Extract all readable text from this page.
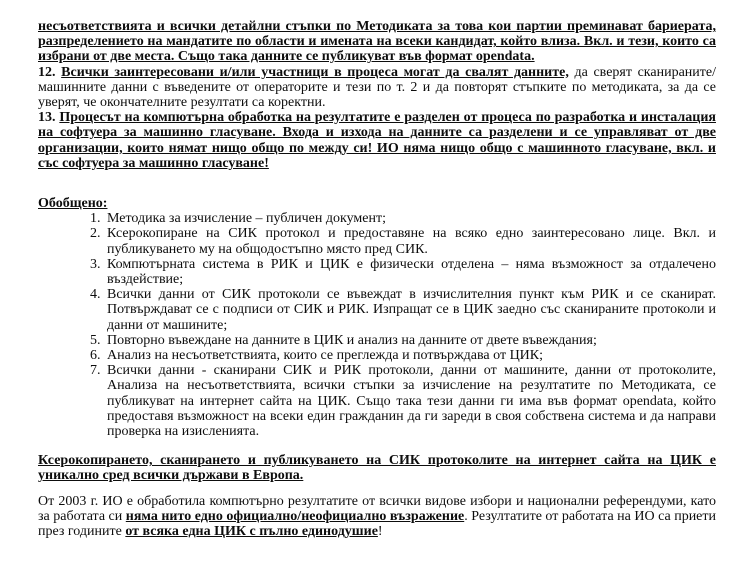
несъответствията и всички детайлни стъпки по Методиката за това кои партии преминават бариерата, разпределението на мандатите по области и имената на всеки кандидат, който влиза. Вкл. и тези, които са избрани от две места. Също така данните се публикуват във формат opendata.

12. Всички заинтересовани и/или участници в процеса могат да свалят данните, да сверят сканираните/машинните данни с въведените от операторите и тези по т. 2 и да повторят стъпките по методиката, за да се уверят, че окончателните резултати са коректни.

13. Процесът на компютърна обработка на резултатите е разделен от процеса по разработка и инсталация на софтуера за машинно гласуване. Входа и изхода на данните са разделени и се управляват от две организации, които нямат нищо общо по между си! ИО няма нищо общо с машинното гласуване, вкл. и със софтуера за машинно гласуване!

Обобщено:

1. Методика за изчисление – публичен документ;
2. Ксерокопиране на СИК протокол и предоставяне на всяко едно заинтересовано лице. Вкл. и публикуването му на общодостъпно място пред СИК.
3. Компютърната система в РИК и ЦИК е физически отделена – няма възможност за отдалечено въздействие;
4. Всички данни от СИК протоколи се въвеждат в изчислителния пункт към РИК и се сканират. Потвърждават се с подписи от СИК и РИК. Изпращат се в ЦИК заедно със сканираните протоколи и данни от машините;
5. Повторно въвеждане на данните в ЦИК и анализ на данните от двете въвеждания;
6. Анализ на несъответствията, които се преглежда и потвърждава от ЦИК;
7. Всички данни - сканирани СИК и РИК протоколи, данни от машините, данни от протоколите, Анализа на несъответствията, всички стъпки за изчисление на резултатите по Методиката, се публикуват на интернет сайта на ЦИК. Също така тези данни ги има във формат opendata, който предоставя възможност на всеки един гражданин да ги зареди в своя собствена система и да направи проверка на изисленията.

Ксерокопирането, сканирането и публикуването на СИК протоколите на интернет сайта на ЦИК е уникално сред всички държави в Европа.

От 2003 г. ИО е обработила компютърно резултатите от всички видове избори и национални референдуми, като за работата си няма нито едно официално/неофициално възражение. Резултатите от работата на ИО са приети през годините от всяка една ЦИК с пълно единодушие!
